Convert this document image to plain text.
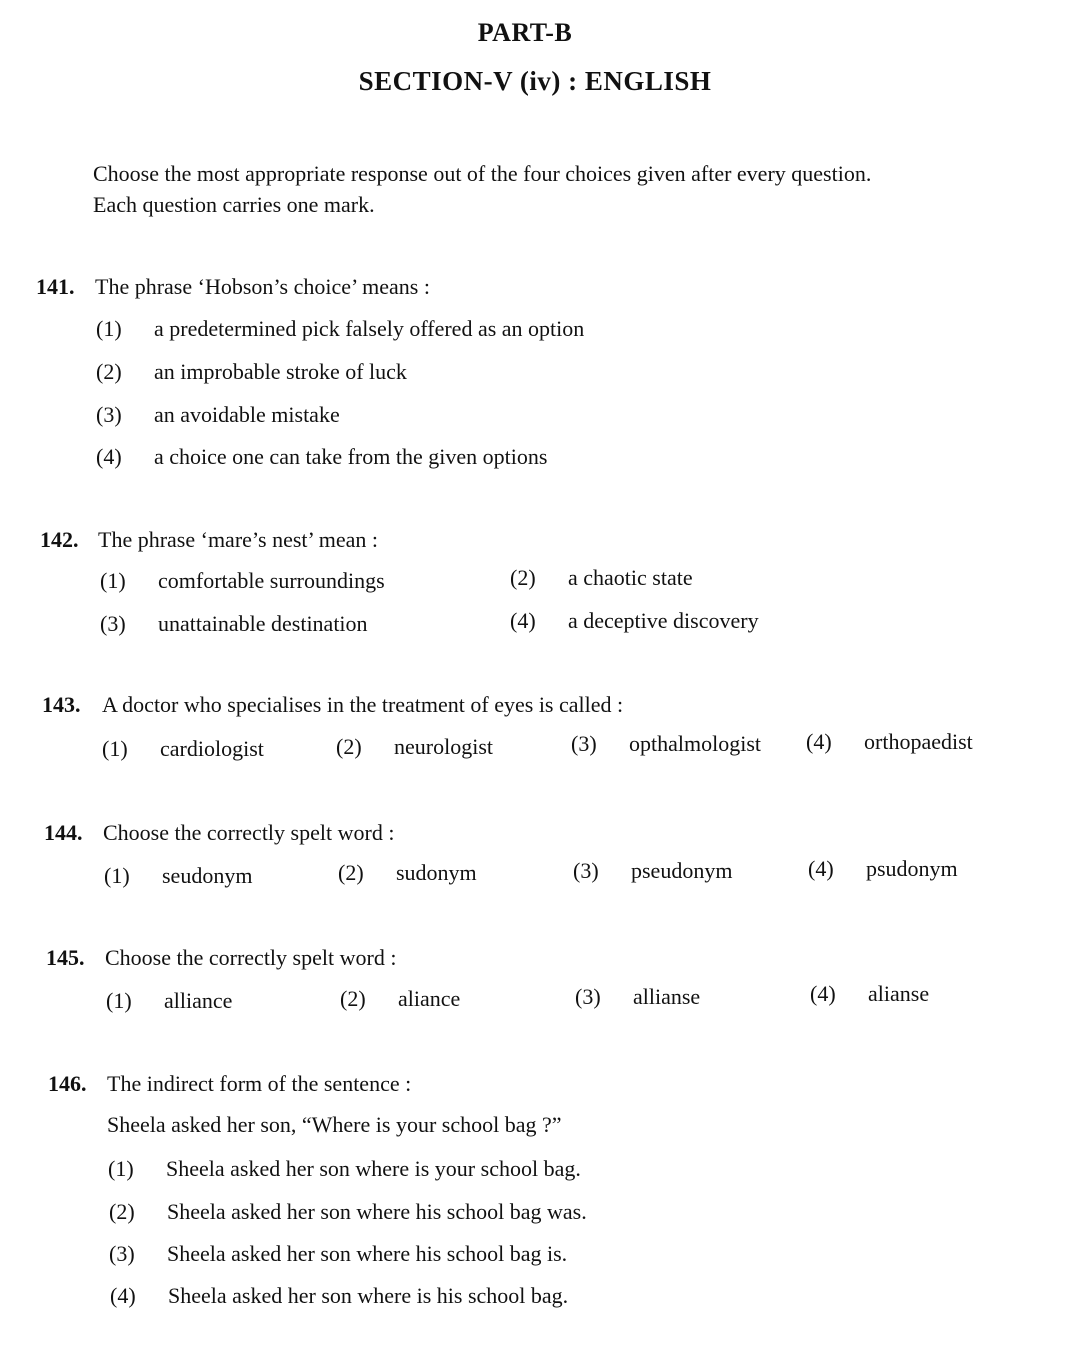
PART-B
SECTION-V (iv) : ENGLISH
Choose the most appropriate response out of the four choices given after every question.
Each question carries one mark.
141. The phrase ‘Hobson’s choice’ means :
(1) a predetermined pick falsely offered as an option
(2) an improbable stroke of luck
(3) an avoidable mistake
(4) a choice one can take from the given options
142. The phrase ‘mare’s nest’ mean :
(1) comfortable surroundings	(2) a chaotic state
(3) unattainable destination	(4) a deceptive discovery
143. A doctor who specialises in the treatment of eyes is called :
(1) cardiologist	(2) neurologist	(3) opthalmologist (4) orthopaedist
144. Choose the correctly spelt word :
(1) seudonym	(2) sudonym	(3) pseudonym	(4) psudonym
145. Choose the correctly spelt word :
(1) alliance	(2) aliance	(3) allianse	(4) alianse
146. The indirect form of the sentence :
Sheela asked her son, “Where is your school bag ?”
(1) Sheela asked her son where is your school bag.
(2) Sheela asked her son where his school bag was.
(3) Sheela asked her son where his school bag is.
(4) Sheela asked her son where is his school bag.
